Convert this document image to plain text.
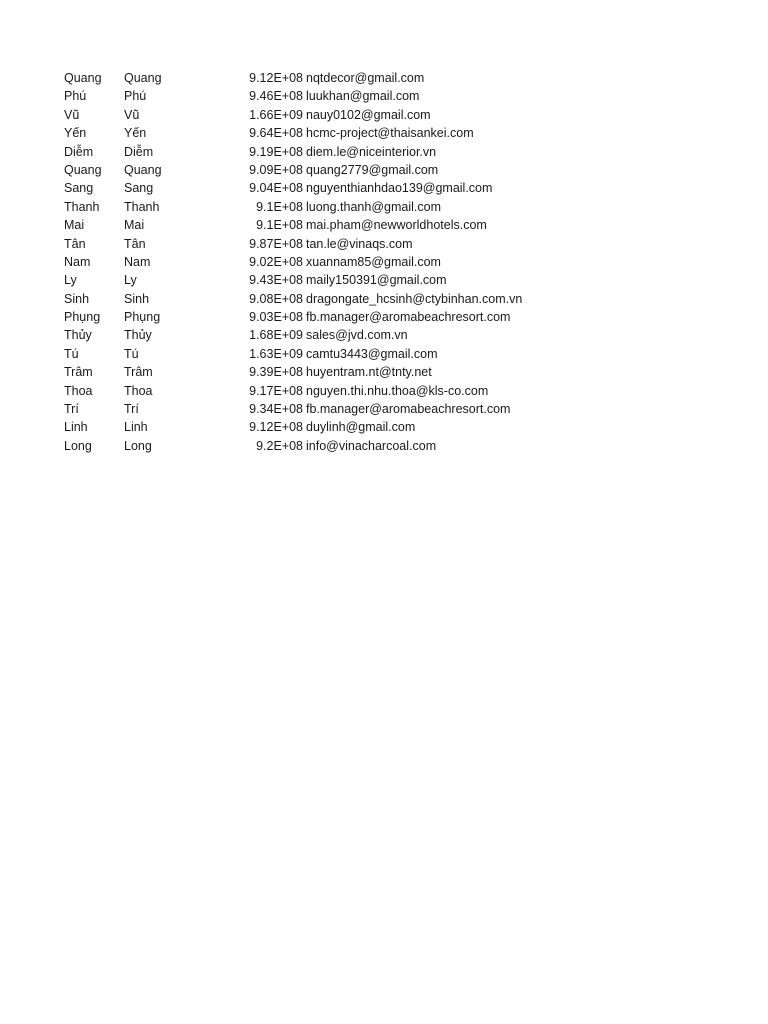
Quang	Quang	9.12E+08 nqtdecor@gmail.com
Phú	Phú	9.46E+08 luukhan@gmail.com
Vũ	Vũ	1.66E+09 nauy0102@gmail.com
Yến	Yến	9.64E+08 hcmc-project@thaisankei.com
Diễm	Diễm	9.19E+08 diem.le@niceinterior.vn
Quang	Quang	9.09E+08 quang2779@gmail.com
Sang	Sang	9.04E+08 nguyenthianhdao139@gmail.com
Thanh	Thanh	9.1E+08 luong.thanh@gmail.com
Mai	Mai	9.1E+08 mai.pham@newworldhotels.com
Tân	Tân	9.87E+08 tan.le@vinaqs.com
Nam	Nam	9.02E+08 xuannam85@gmail.com
Ly	Ly	9.43E+08 maily150391@gmail.com
Sinh	Sinh	9.08E+08 dragongate_hcsinh@ctybinhan.com.vn
Phụng	Phụng	9.03E+08 fb.manager@aromabeachresort.com
Thủy	Thủy	1.68E+09 sales@jvd.com.vn
Tú	Tú	1.63E+09 camtu3443@gmail.com
Trâm	Trâm	9.39E+08 huyentram.nt@tnty.net
Thoa	Thoa	9.17E+08 nguyen.thi.nhu.thoa@kls-co.com
Trí	Trí	9.34E+08 fb.manager@aromabeachresort.com
Linh	Linh	9.12E+08 duylinh@gmail.com
Long	Long	9.2E+08 info@vinacharcoal.com
